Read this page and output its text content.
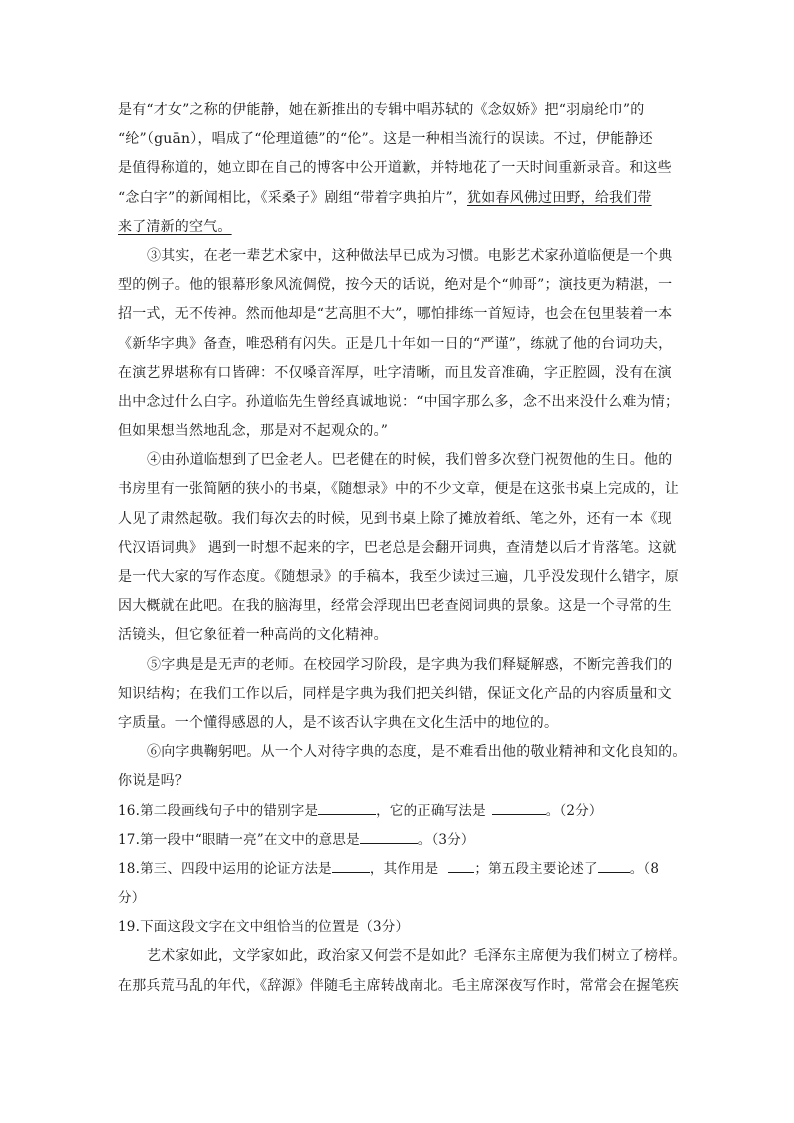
是有“才女”之称的伊能静，她在新推出的专辑中唱苏轼的《念奴娇》把“羽扇纶巾”的
“纶”（guān），唱成了“伦理道德”的“伦”。这是一种相当流行的误读。不过，伊能静还
是值得称道的，她立即在自己的博客中公开道歉，并特地花了一天时间重新录音。和这些
“念白字”的新闻相比，《采桑子》剧组“带着字典拍片”，犹如春风佛过田野，给我们带
来了清新的空气。
③其实，在老一辈艺术家中，这种做法早已成为习惯。电影艺术家孙道临便是一个典
型的例子。他的银幕形象风流倜傥，按今天的话说，绝对是个“帅哥”；演技更为精湛，一
招一式，无不传神。然而他却是“艺高胆不大”，哪怕排练一首短诗，也会在包里装着一本
《新华字典》备查，唯恐稍有闪失。正是几十年如一日的“严谨”，练就了他的台词功夫，
在演艺界堪称有口皆碑：不仅嗓音浑厚，吐字清晰，而且发音准确，字正腔圆，没有在演
出中念过什么白字。孙道临先生曾经真诚地说：“中国字那么多，念不出来没什么难为情；
但如果想当然地乱念，那是对不起观众的。”
④由孙道临想到了巴金老人。巴老健在的时候，我们曾多次登门祝贺他的生日。他的
书房里有一张简陋的狭小的书桌，《随想录》中的不少文章，便是在这张书桌上完成的，让
人见了肃然起敬。我们每次去的时候，见到书桌上除了摊放着纸、笔之外，还有一本《现
代汉语词典》 遇到一时想不起来的字，巴老总是会翻开词典，查清楚以后才肯落笔。这就
是一代大家的写作态度。《随想录》的手稿本，我至少读过三遍，几乎没发现什么错字，原
因大概就在此吧。在我的脑海里，经常会浮现出巴老查阅词典的景象。这是一个寻常的生
活镜头，但它象征着一种高尚的文化精神。
⑤字典是是无声的老师。在校园学习阶段，是字典为我们释疑解惑，不断完善我们的
知识结构；在我们工作以后，同样是字典为我们把关纠错，保证文化产品的内容质量和文
字质量。一个懂得感恩的人，是不该否认字典在文化生活中的地位的。
⑥向字典鞠躬吧。从一个人对待字典的态度，是不难看出他的敬业精神和文化良知的。
你说是吗？
16.第二段画线句子中的错别字是	，它的正确写法是	。（2分）
17.第一段中“眼睛一亮”在文中的意思是	。（3分）
18.第三、四段中运用的论证方法是	，其作用是	；第五段主要论述了 。（8
分）
19.下面这段文字在文中组恰当的位置是（3分）
艺术家如此，文学家如此，政治家又何尝不是如此？毛泽东主席便为我们树立了榜样。
在那兵荒马乱的年代，《辞源》伴随毛主席转战南北。毛主席深夜写作时，常常会在握笔疾
